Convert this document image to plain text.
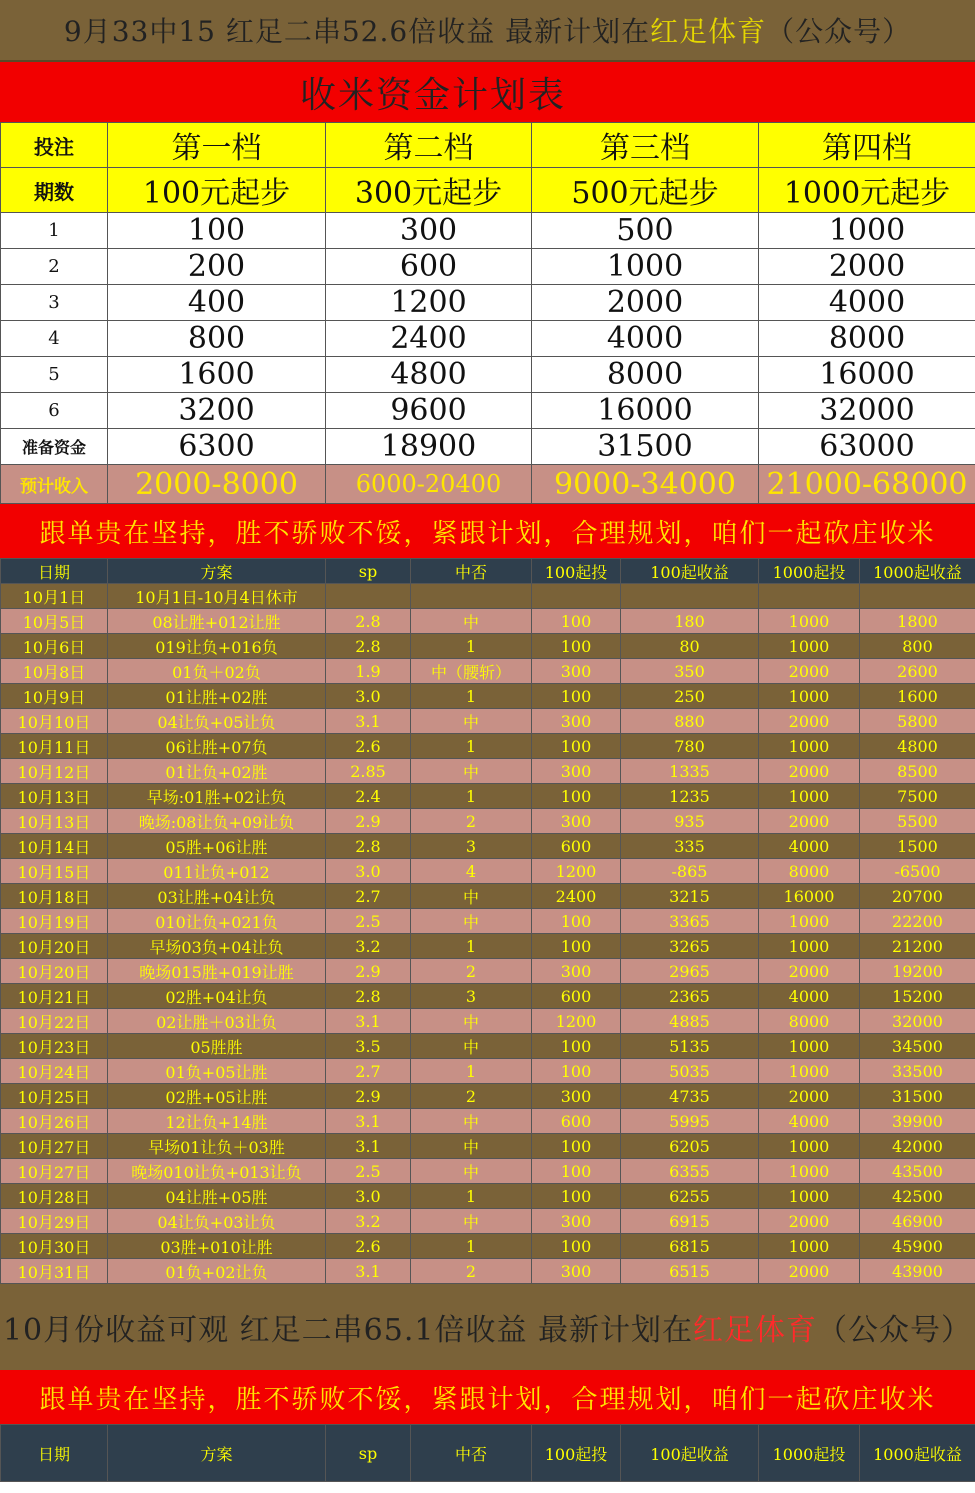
9月33中15 红足二串52.6倍收益 最新计划在 红足体育 （公众号）
收米资金计划表
投注	第一档	第二档	第三档	第四档
期数	100元起步	300元起步	500元起步	1000元起步
1	100	300	500	1000
2	200	600	1000	2000
3	400	1200	2000	4000
4	800	2400	4000	8000
5	1600	4800	8000	16000
6	3200	9600	16000	32000
准备资金	6300	18900	31500	63000
预计收入	2000-8000	6000-20400	9000-34000	21000-68000
跟单贵在坚持，胜不骄败不馁，紧跟计划，合理规划，咱们一起砍庄收米
日期	方案	sp	中否	100起投	100起收益	1000起投	1000起收益
10月1日	10月1日-10月4日休市						
10月5日	08让胜+012让胜	2.8	中	100	180	1000	1800
10月6日	019让负+016负	2.8	1	100	80	1000	800
10月8日	01负＋02负	1.9	中（腰斩）	300	350	2000	2600
10月9日	01让胜+02胜	3.0	1	100	250	1000	1600
10月10日	04让负+05让负	3.1	中	300	880	2000	5800
10月11日	06让胜+07负	2.6	1	100	780	1000	4800
10月12日	01让负+02胜	2.85	中	300	1335	2000	8500
10月13日	早场:01胜+02让负	2.4	1	100	1235	1000	7500
10月13日	晚场:08让负+09让负	2.9	2	300	935	2000	5500
10月14日	05胜+06让胜	2.8	3	600	335	4000	1500
10月15日	011让负+012	3.0	4	1200	-865	8000	-6500
10月18日	03让胜+04让负	2.7	中	2400	3215	16000	20700
10月19日	010让负+021负	2.5	中	100	3365	1000	22200
10月20日	早场03负+04让负	3.2	1	100	3265	1000	21200
10月20日	晚场015胜+019让胜	2.9	2	300	2965	2000	19200
10月21日	02胜+04让负	2.8	3	600	2365	4000	15200
10月22日	02让胜＋03让负	3.1	中	1200	4885	8000	32000
10月23日	05胜胜	3.5	中	100	5135	1000	34500
10月24日	01负+05让胜	2.7	1	100	5035	1000	33500
10月25日	02胜+05让胜	2.9	2	300	4735	2000	31500
10月26日	12让负+14胜	3.1	中	600	5995	4000	39900
10月27日	早场01让负＋03胜	3.1	中	100	6205	1000	42000
10月27日	晚场010让负+013让负	2.5	中	100	6355	1000	43500
10月28日	04让胜+05胜	3.0	1	100	6255	1000	42500
10月29日	04让负+03让负	3.2	中	300	6915	2000	46900
10月30日	03胜+010让胜	2.6	1	100	6815	1000	45900
10月31日	01负+02让负	3.1	2	300	6515	2000	43900
10月份收益可观 红足二串65.1倍收益 最新计划在 红足体育 （公众号）
跟单贵在坚持，胜不骄败不馁，紧跟计划，合理规划，咱们一起砍庄收米
日期	方案	sp	中否	100起投	100起收益	1000起投	1000起收益
